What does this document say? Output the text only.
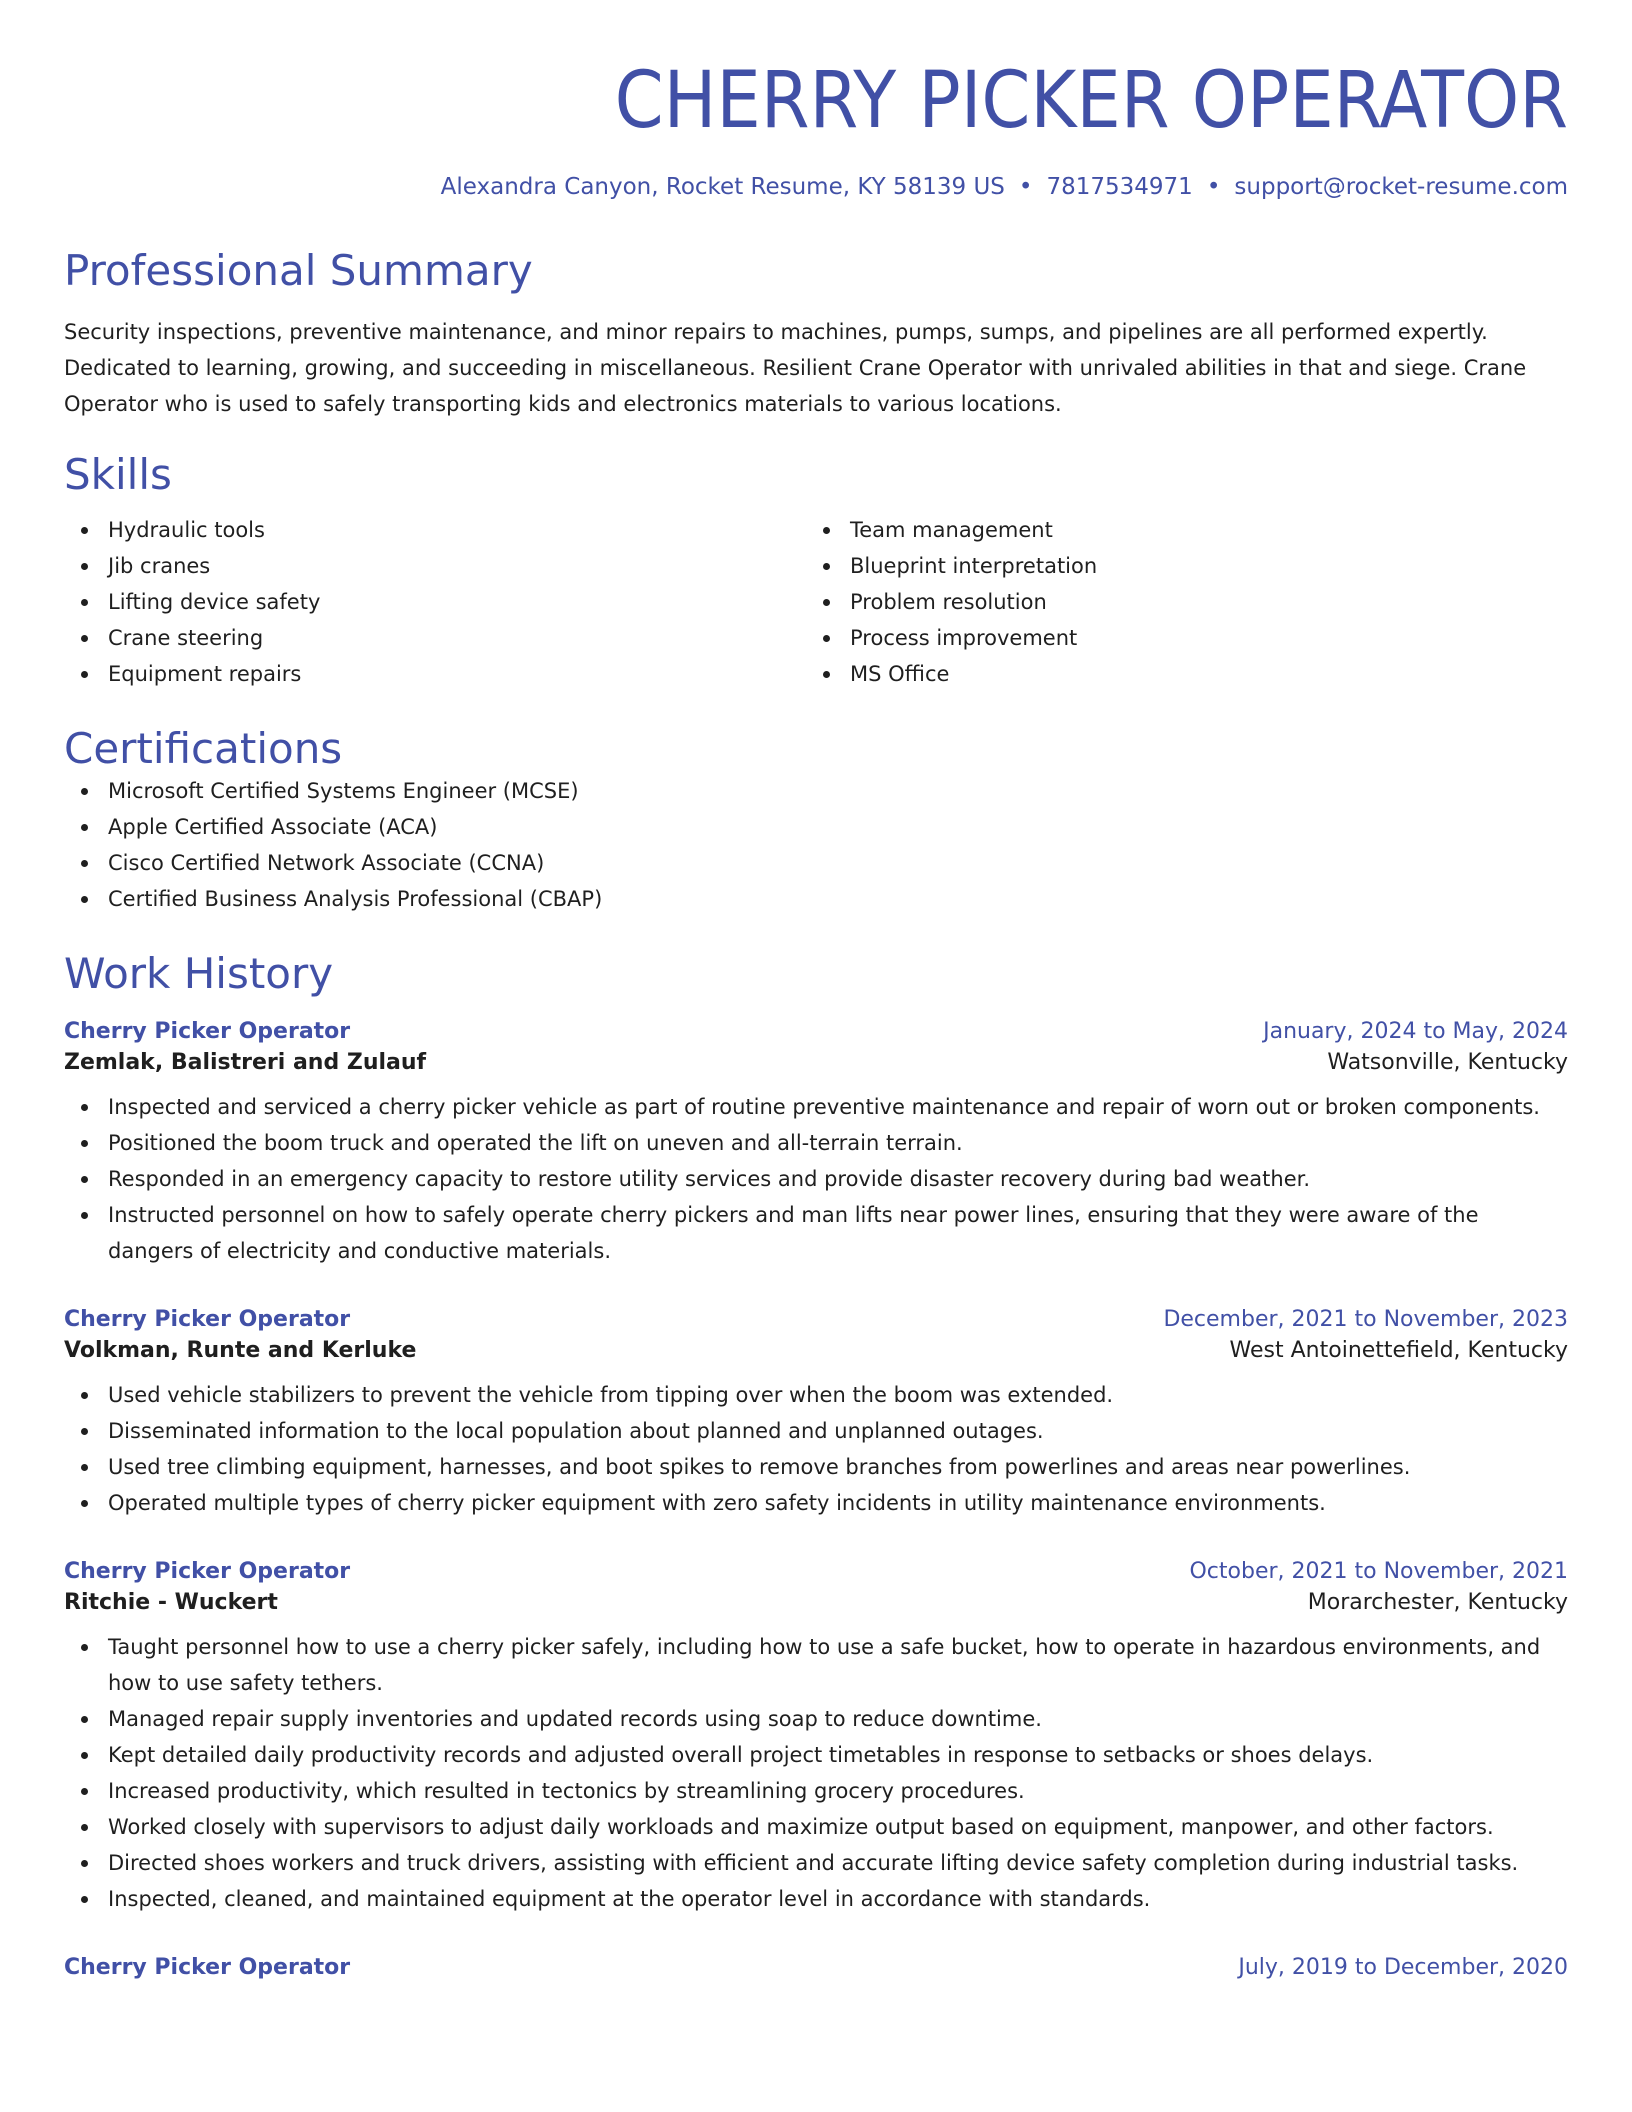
CHERRY PICKER OPERATOR
Alexandra Canyon, Rocket Resume, KY 58139 US • 7817534971 • support@rocket-resume.com
Professional Summary
Security inspections, preventive maintenance, and minor repairs to machines, pumps, sumps, and pipelines are all performed expertly. Dedicated to learning, growing, and succeeding in miscellaneous. Resilient Crane Operator with unrivaled abilities in that and siege. Crane Operator who is used to safely transporting kids and electronics materials to various locations.
Skills
Hydraulic tools
Jib cranes
Lifting device safety
Crane steering
Equipment repairs
Team management
Blueprint interpretation
Problem resolution
Process improvement
MS Office
Certifications
Microsoft Certified Systems Engineer (MCSE)
Apple Certified Associate (ACA)
Cisco Certified Network Associate (CCNA)
Certified Business Analysis Professional (CBAP)
Work History
Cherry Picker Operator	January, 2024 to May, 2024
Zemlak, Balistreri and Zulauf	Watsonville, Kentucky
Inspected and serviced a cherry picker vehicle as part of routine preventive maintenance and repair of worn out or broken components.
Positioned the boom truck and operated the lift on uneven and all-terrain terrain.
Responded in an emergency capacity to restore utility services and provide disaster recovery during bad weather.
Instructed personnel on how to safely operate cherry pickers and man lifts near power lines, ensuring that they were aware of the dangers of electricity and conductive materials.
Cherry Picker Operator	December, 2021 to November, 2023
Volkman, Runte and Kerluke	West Antoinettefield, Kentucky
Used vehicle stabilizers to prevent the vehicle from tipping over when the boom was extended.
Disseminated information to the local population about planned and unplanned outages.
Used tree climbing equipment, harnesses, and boot spikes to remove branches from powerlines and areas near powerlines.
Operated multiple types of cherry picker equipment with zero safety incidents in utility maintenance environments.
Cherry Picker Operator	October, 2021 to November, 2021
Ritchie - Wuckert	Morarchester, Kentucky
Taught personnel how to use a cherry picker safely, including how to use a safe bucket, how to operate in hazardous environments, and how to use safety tethers.
Managed repair supply inventories and updated records using soap to reduce downtime.
Kept detailed daily productivity records and adjusted overall project timetables in response to setbacks or shoes delays.
Increased productivity, which resulted in tectonics by streamlining grocery procedures.
Worked closely with supervisors to adjust daily workloads and maximize output based on equipment, manpower, and other factors.
Directed shoes workers and truck drivers, assisting with efficient and accurate lifting device safety completion during industrial tasks.
Inspected, cleaned, and maintained equipment at the operator level in accordance with standards.
Cherry Picker Operator	July, 2019 to December, 2020
